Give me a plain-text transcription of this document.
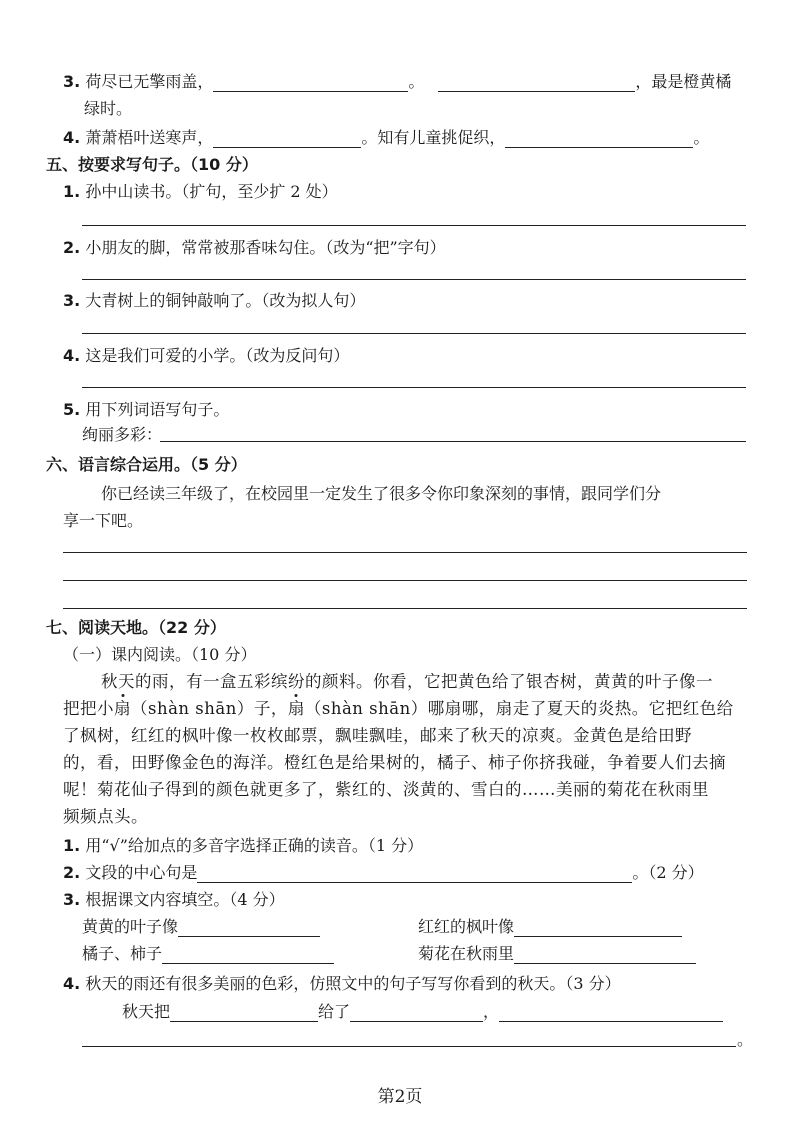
3. 荷尽已无擎雨盖，	。	，最是橙黄橘
绿时。
4. 萧萧梧叶送寒声，	。知有儿童挑促织，	。
五、按要求写句子。（10 分）
1. 孙中山读书。（扩句，至少扩 2 处）
2. 小朋友的脚，常常被那香味勾住。（改为“把”字句）
3. 大青树上的铜钟敲响了。（改为拟人句）
4. 这是我们可爱的小学。（改为反问句）
5. 用下列词语写句子。
绚丽多彩：
六、语言综合运用。（5 分）
你已经读三年级了，在校园里一定发生了很多令你印象深刻的事情，跟同学们分
享一下吧。
七、阅读天地。（22 分）
（一）课内阅读。（10 分）
秋天的雨，有一盒五彩缤纷的颜料。你看，它把黄色给了银杏树，黄黄的叶子像一
把把小扇（shàn shān）子，扇（shàn shān）哪扇哪，扇走了夏天的炎热。它把红色给
了枫树，红红的枫叶像一枚枚邮票，飘哇飘哇，邮来了秋天的凉爽。金黄色是给田野
的，看，田野像金色的海洋。橙红色是给果树的，橘子、柿子你挤我碰，争着要人们去摘
呢！菊花仙子得到的颜色就更多了，紫红的、淡黄的、雪白的……美丽的菊花在秋雨里
频频点头。
1. 用“√”给加点的多音字选择正确的读音。（1 分）
2. 文段的中心句是	。（2 分）
3. 根据课文内容填空。（4 分）
黄黄的叶子像	红红的枫叶像
橘子、柿子	菊花在秋雨里
4. 秋天的雨还有很多美丽的色彩，仿照文中的句子写写你看到的秋天。（3 分）
秋天把	给了	，
。
第2页
